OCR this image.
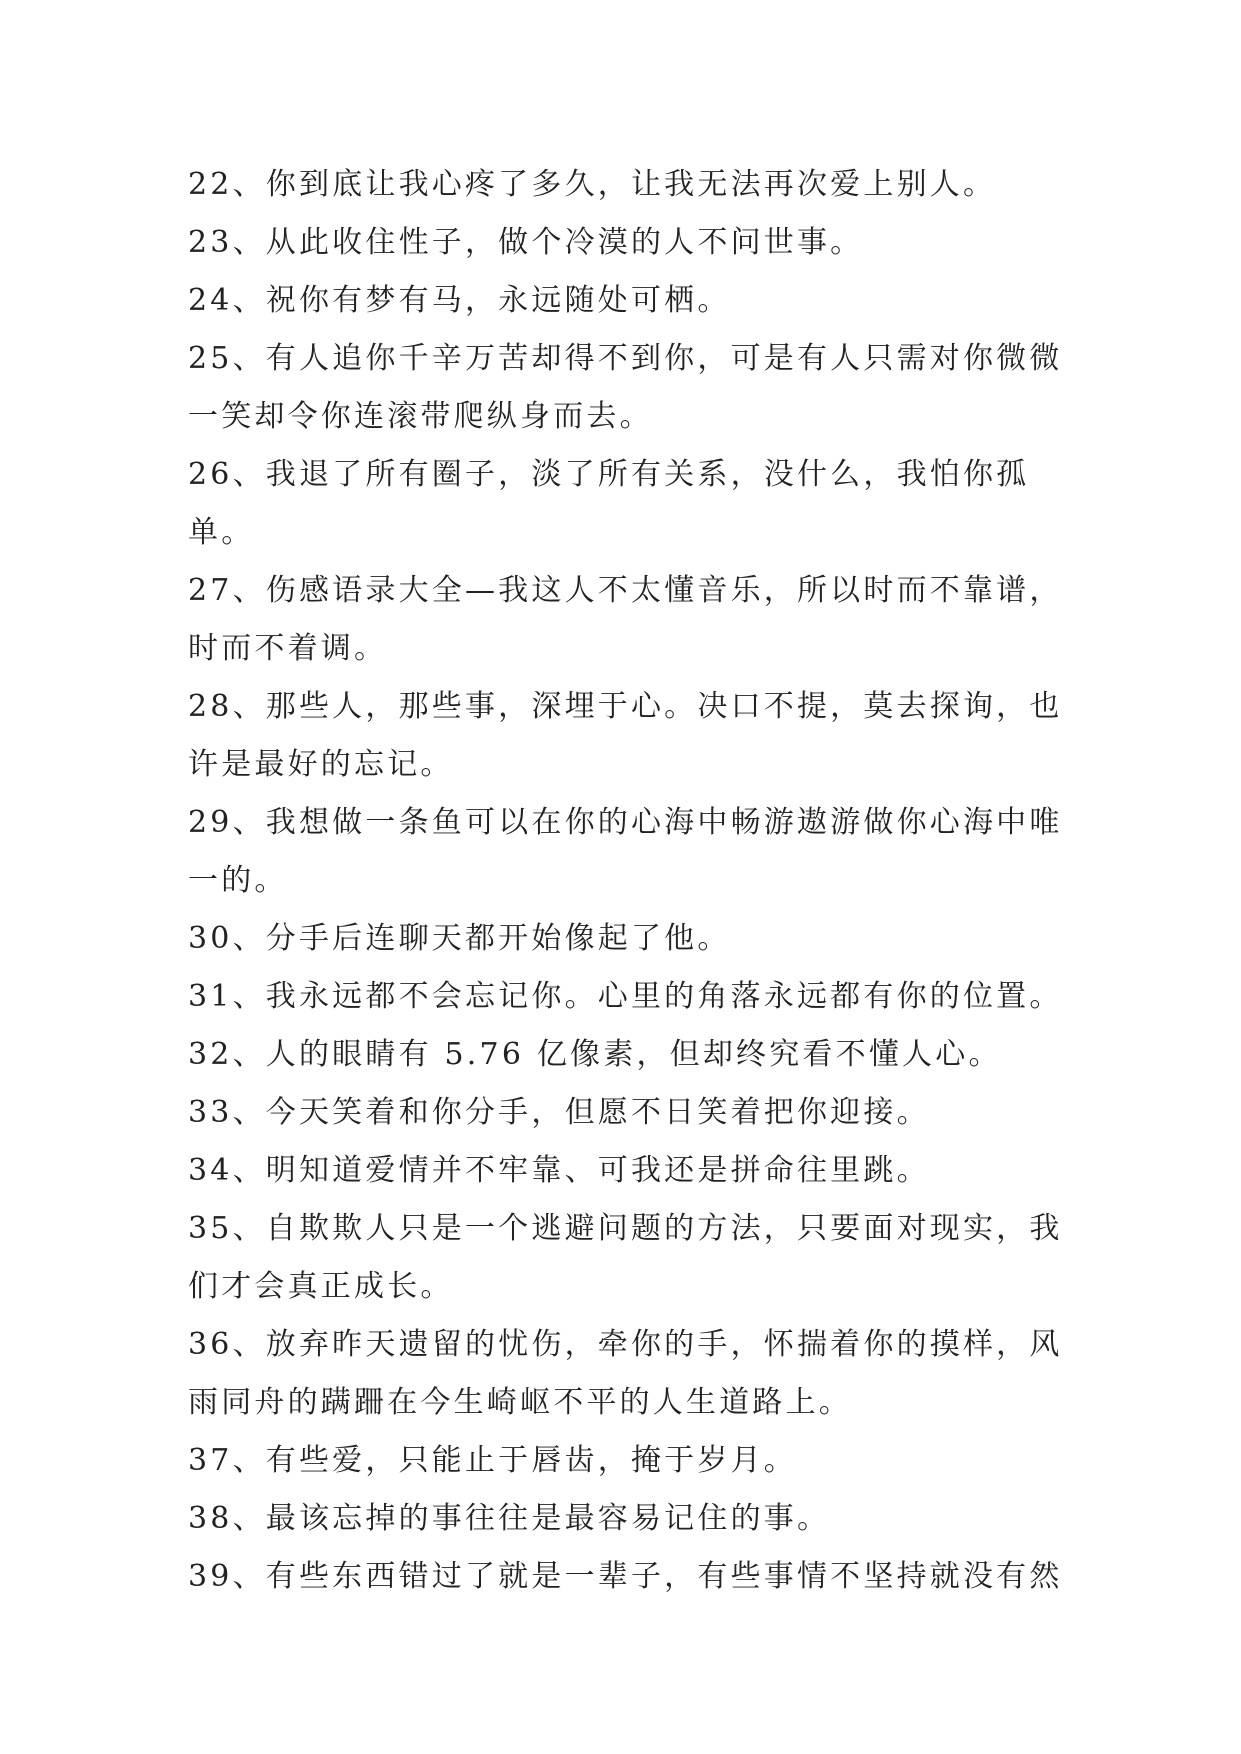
22、你到底让我心疼了多久，让我无法再次爱上别人。

23、从此收住性子，做个冷漠的人不问世事。

24、祝你有梦有马，永远随处可栖。

25、有人追你千辛万苦却得不到你，可是有人只需对你微微一笑却令你连滚带爬纵身而去。

26、我退了所有圈子，淡了所有关系，没什么，我怕你孤单。

27、伤感语录大全—我这人不太懂音乐，所以时而不靠谱，时而不着调。

28、那些人，那些事，深埋于心。决口不提，莫去探询，也许是最好的忘记。

29、我想做一条鱼可以在你的心海中畅游遨游做你心海中唯一的。

30、分手后连聊天都开始像起了他。

31、我永远都不会忘记你。心里的角落永远都有你的位置。

32、人的眼睛有 5.76 亿像素，但却终究看不懂人心。

33、今天笑着和你分手，但愿不日笑着把你迎接。

34、明知道爱情并不牢靠、可我还是拼命往里跳。

35、自欺欺人只是一个逃避问题的方法，只要面对现实，我们才会真正成长。

36、放弃昨天遗留的忧伤，牵你的手，怀揣着你的摸样，风雨同舟的蹒跚在今生崎岖不平的人生道路上。

37、有些爱，只能止于唇齿，掩于岁月。

38、最该忘掉的事往往是最容易记住的事。

39、有些东西错过了就是一辈子，有些事情不坚持就没有然
